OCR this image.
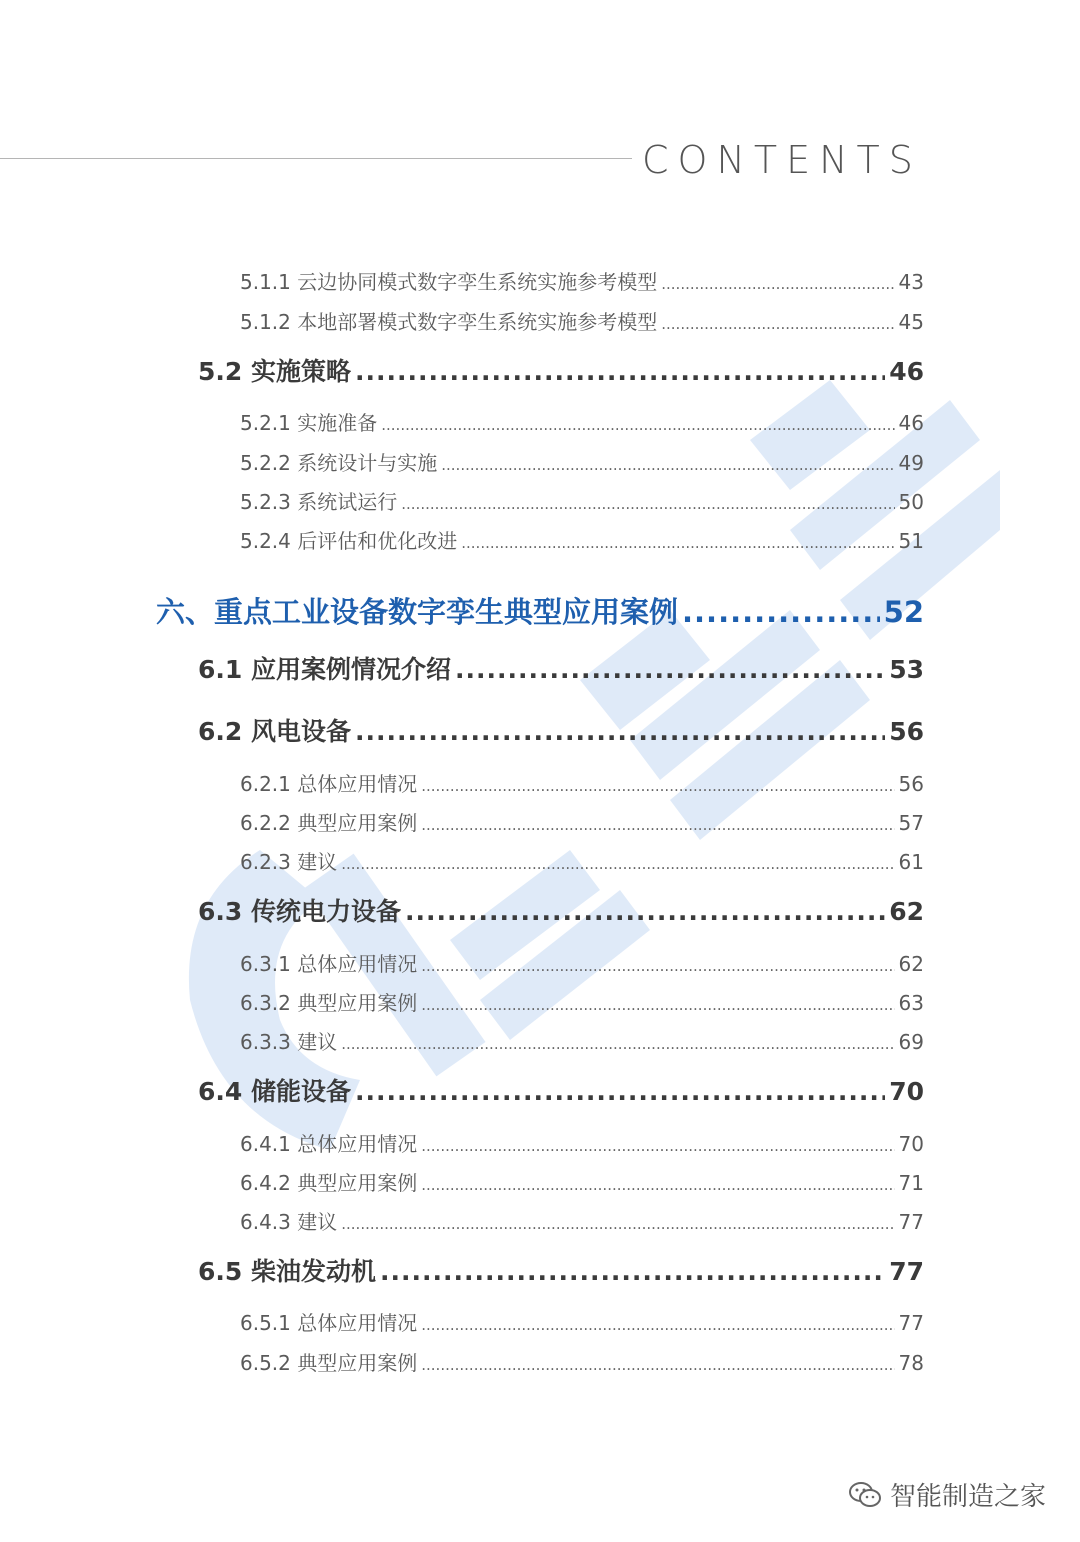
CONTENTS
5.1.1 云边协同模式数字孪生系统实施参考模型 .....	43
5.1.2 本地部署模式数字孪生系统实施参考模型 .....	45
5.2 实施策略 .....	46
5.2.1 实施准备 .....	46
5.2.2 系统设计与实施 .....	49
5.2.3 系统试运行 .....	50
5.2.4 后评估和优化改进 .....	51
六、重点工业设备数字孪生典型应用案例 .....	52
6.1 应用案例情况介绍 .....	53
6.2 风电设备 .....	56
6.2.1 总体应用情况 .....	56
6.2.2 典型应用案例 .....	57
6.2.3 建议 .....	61
6.3 传统电力设备 .....	62
6.3.1 总体应用情况 .....	62
6.3.2 典型应用案例 .....	63
6.3.3 建议 .....	69
6.4 储能设备 .....	70
6.4.1 总体应用情况 .....	70
6.4.2 典型应用案例 .....	71
6.4.3 建议 .....	77
6.5 柴油发动机 .....	77
6.5.1 总体应用情况 .....	77
6.5.2 典型应用案例 .....	78
智能制造之家
